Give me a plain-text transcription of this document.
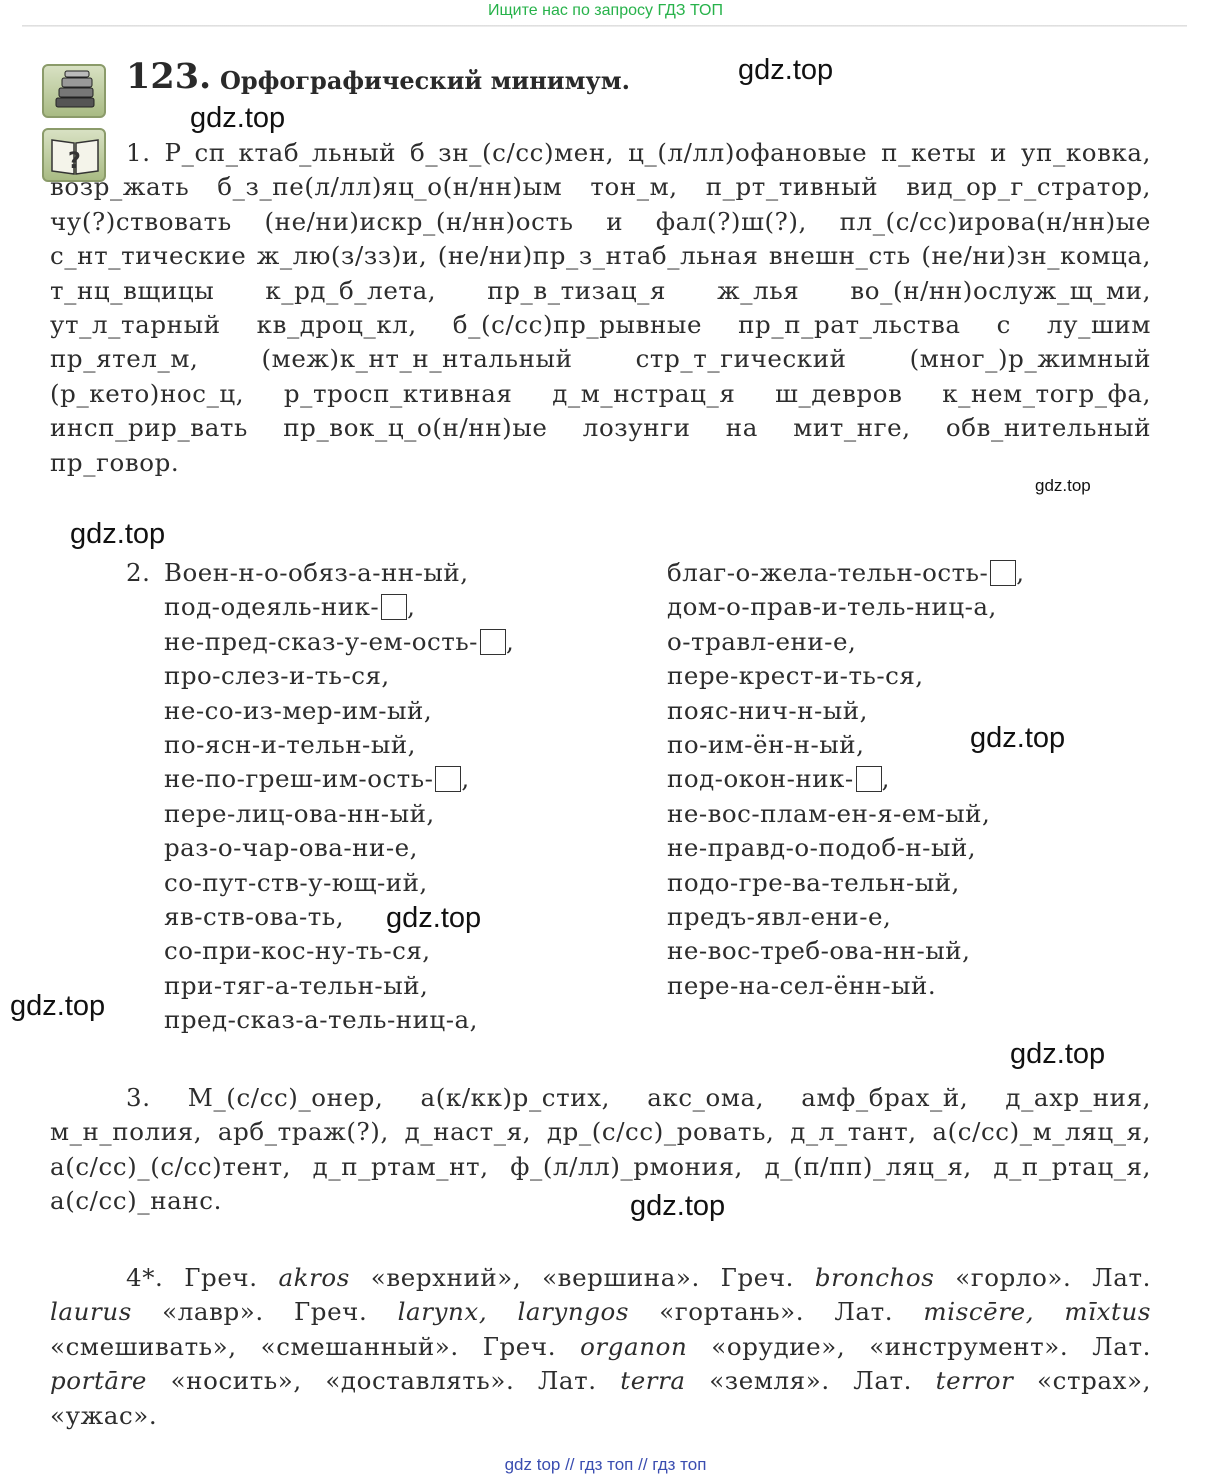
Ищите нас по запросу ГДЗ ТОП
?
123. Орфографический минимум.

1. Р_сп_ктаб_льный б_зн_(с/сс)мен, ц_(л/лл)офановые п_кеты и уп_ковка, возр_жать б_з_пе(л/лл)яц_о(н/нн)ым тон_м, п_рт_тивный вид_ор_г_стратор, чу(?)ствовать (не/ни)искр_(н/нн)ость и фал(?)ш(?), пл_(с/сс)ирова(н/нн)ые с_нт_тические ж_лю(з/зз)и, (не/ни)пр_з_нтаб_льная внешн_сть (не/ни)зн_комца, т_нц_вщицы к_рд_б_лета, пр_в_тизац_я ж_лья во_(н/нн)ослуж_щ_ми, ут_л_тарный кв_дроц_кл, б_(с/сс)пр_рывные пр_п_рат_льства с лу_шим пр_ятел_м, (меж)к_нт_н_нтальный стр_т_гический (мног_)р_жимный (р_кето)нос_ц, р_тросп_ктивная д_м_нстрац_я ш_девров к_нем_тогр_фа, инсп_рир_вать пр_вок_ц_о(н/нн)ые лозунги на мит_нге, обв_нительный пр_говор.

2. Воен-н-о-обяз-а-нн-ый,
под-одеяль-ник- ,
не-пред-сказ-у-ем-ость- ,
про-слез-и-ть-ся,
не-со-из-мер-им-ый,
по-ясн-и-тельн-ый,
не-по-греш-им-ость- ,
пере-лиц-ова-нн-ый,
раз-о-чар-ова-ни-е,
со-пут-ств-у-ющ-ий,
яв-ств-ова-ть,
со-при-кос-ну-ть-ся,
при-тяг-а-тельн-ый,
пред-сказ-а-тель-ниц-а,
благ-о-жела-тельн-ость- ,
дом-о-прав-и-тель-ниц-а,
о-травл-ени-е,
пере-крест-и-ть-ся,
пояс-нич-н-ый,
по-им-ён-н-ый,
под-окон-ник- ,
не-вос-плам-ен-я-ем-ый,
не-правд-о-подоб-н-ый,
подо-гре-ва-тельн-ый,
предъ-явл-ени-е,
не-вос-треб-ова-нн-ый,
пере-на-сел-ённ-ый.

3. М_(с/сс)_онер, а(к/кк)р_стих, акс_ома, амф_брах_й, д_ахр_ния, м_н_полия, арб_траж(?), д_наст_я, др_(с/сс)_ровать, д_л_тант, а(с/сс)_м_ляц_я, а(с/сс)_(с/сс)тент, д_п_ртам_нт, ф_(л/лл)_рмония, д_(п/пп)_ляц_я, д_п_ртац_я, а(с/сс)_нанс.

4*. Греч. akros «верхний», «вершина». Греч. bronchos «горло». Лат. laurus «лавр». Греч. larynx, laryngos «гортань». Лат. miscēre, mīxtus «смешивать», «смешанный». Греч. organon «орудие», «инструмент». Лат. portāre «носить», «доставлять». Лат. terra «земля». Лат. terror «страх», «ужас».

gdz.top
gdz.top
gdz.top
gdz.top
gdz.top
gdz.top
gdz.top
gdz.top
gdz.top
gdz top // гдз топ // гдз топ
